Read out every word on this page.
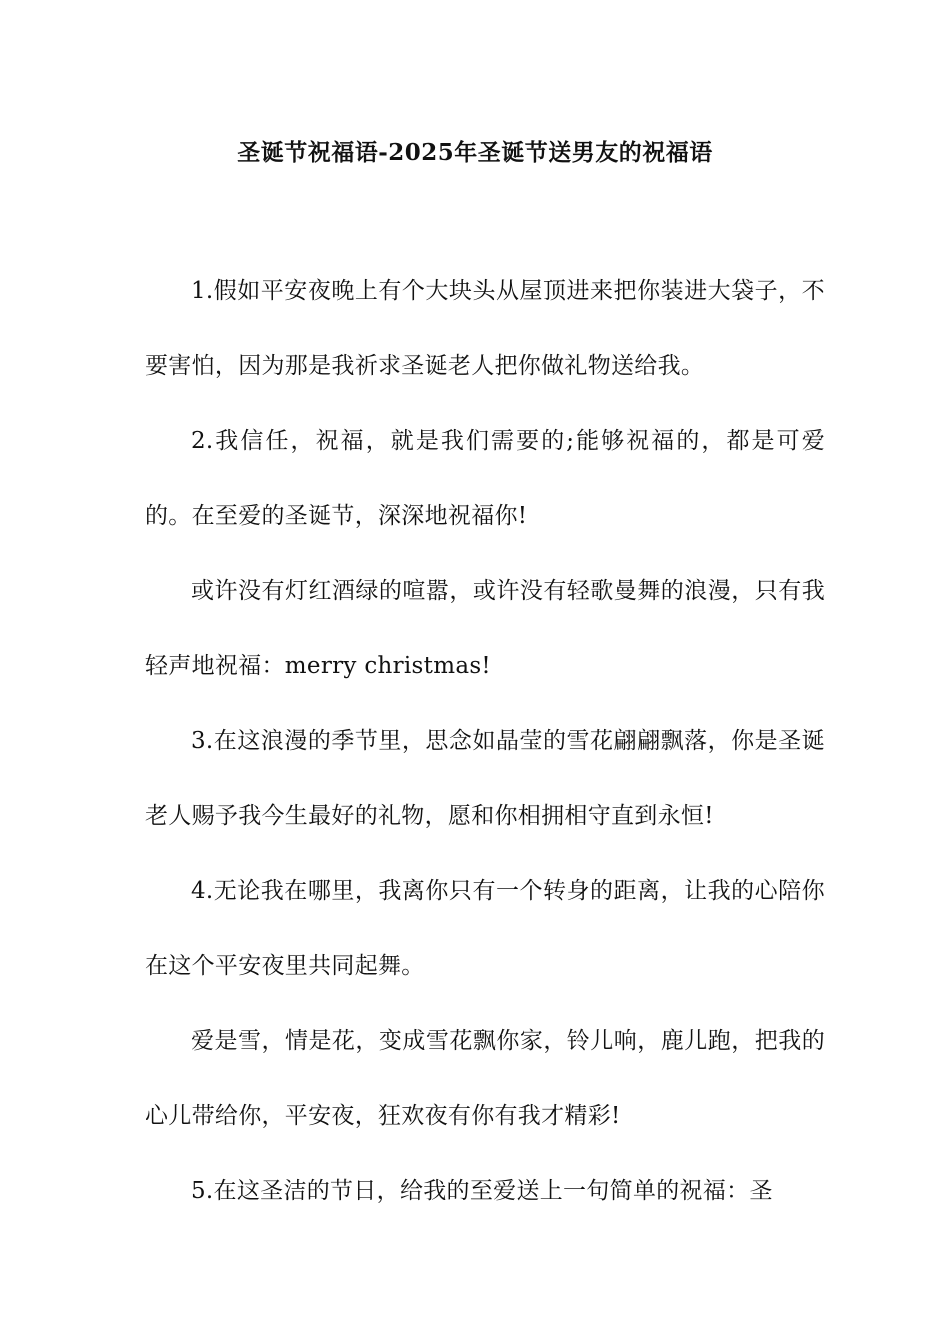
圣诞节祝福语-2025年圣诞节送男友的祝福语

1.假如平安夜晚上有个大块头从屋顶进来把你装进大袋子，不要害怕，因为那是我祈求圣诞老人把你做礼物送给我。

2.我信任，祝福，就是我们需要的;能够祝福的，都是可爱的。在至爱的圣诞节，深深地祝福你!

或许没有灯红酒绿的喧嚣，或许没有轻歌曼舞的浪漫，只有我轻声地祝福：merry christmas!

3.在这浪漫的季节里，思念如晶莹的雪花翩翩飘落，你是圣诞老人赐予我今生最好的礼物，愿和你相拥相守直到永恒!

4.无论我在哪里，我离你只有一个转身的距离，让我的心陪你在这个平安夜里共同起舞。

爱是雪，情是花，变成雪花飘你家，铃儿响，鹿儿跑，把我的心儿带给你，平安夜，狂欢夜有你有我才精彩!

5.在这圣洁的节日，给我的至爱送上一句简单的祝福：圣
